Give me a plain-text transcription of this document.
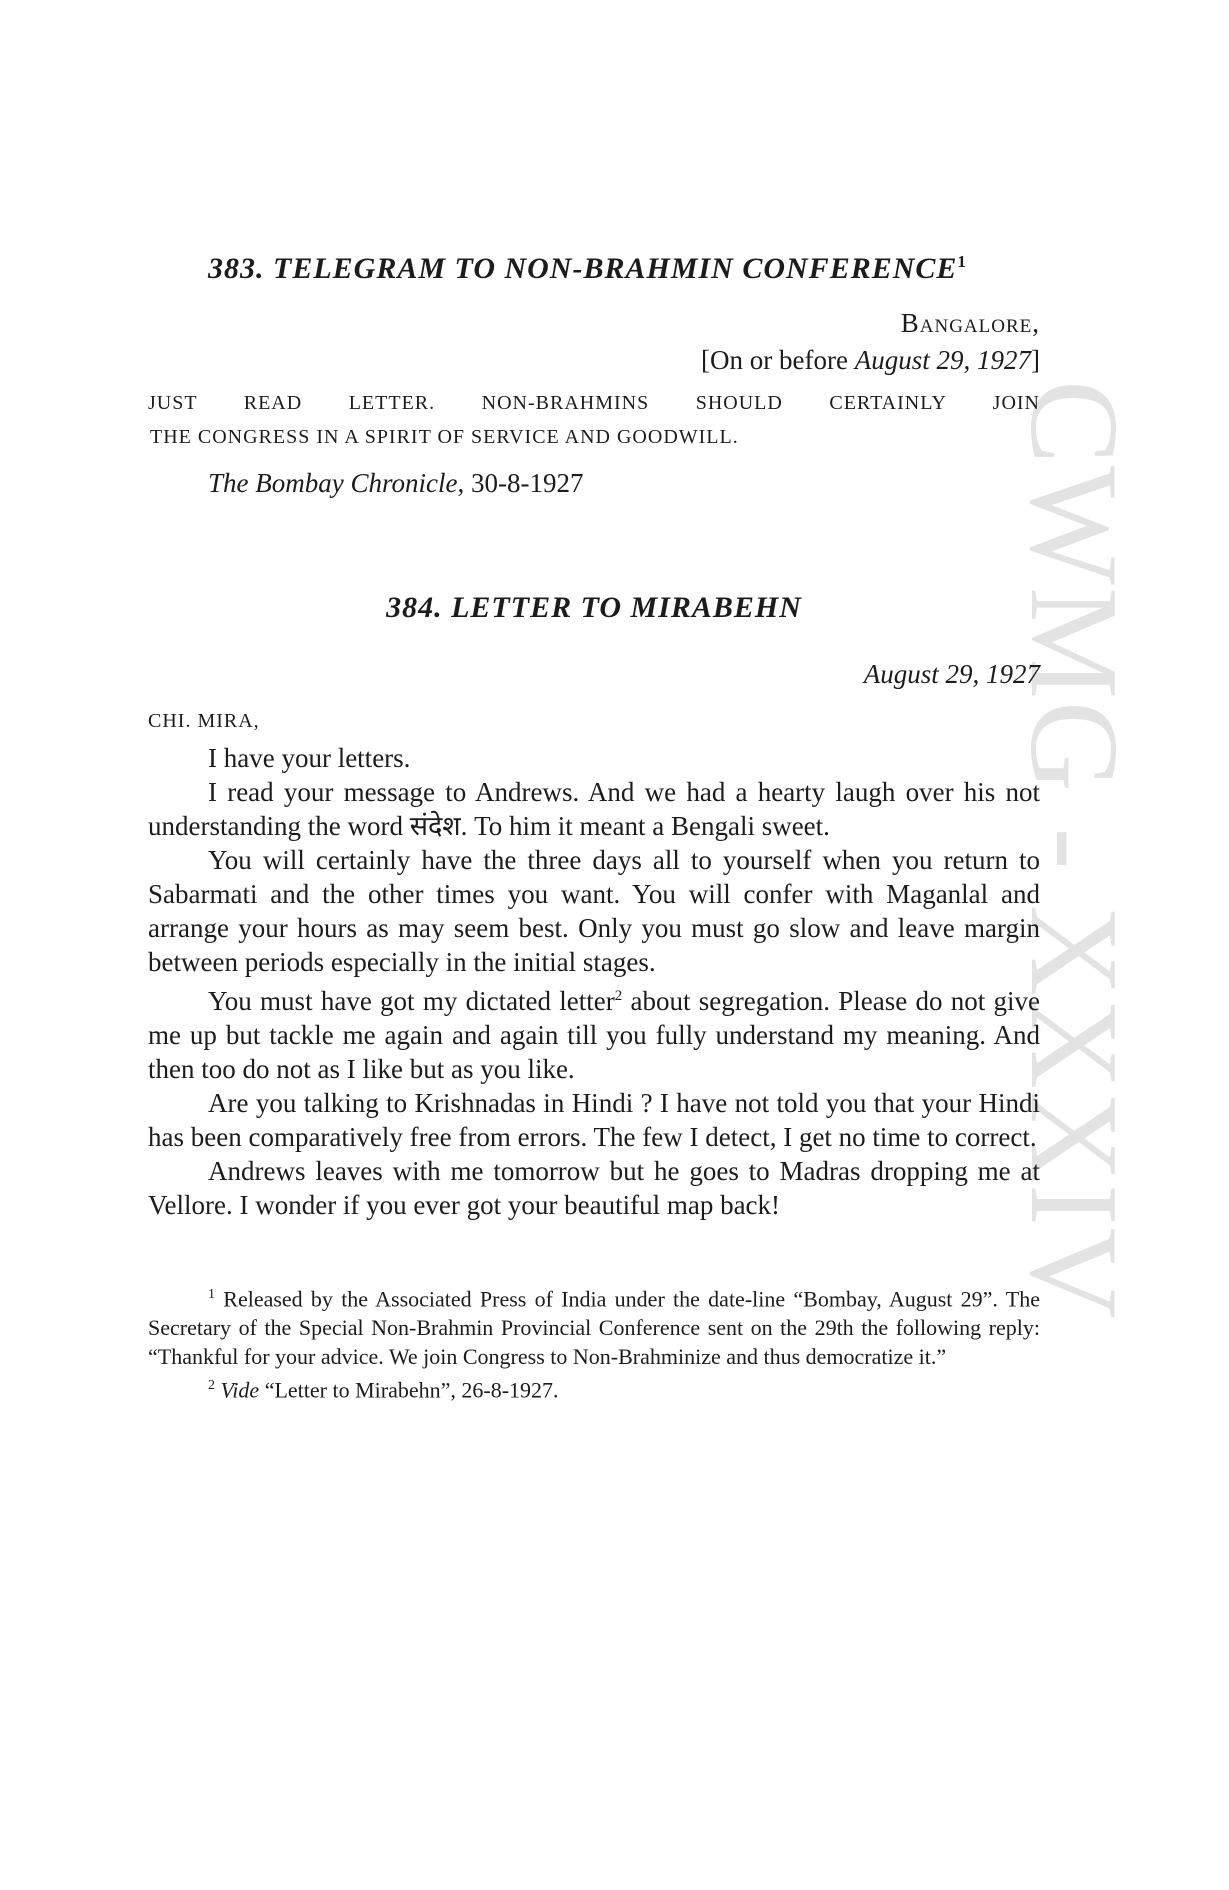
CWMG - XXXIV
383. TELEGRAM TO NON-BRAHMIN CONFERENCE$^1$
Bangalore,
[On or before August 29, 1927]
JUST READ LETTER. NON-BRAHMINS SHOULD CERTAINLY JOIN
THE CONGRESS IN A SPIRIT OF SERVICE AND GOODWILL.
The Bombay Chronicle, 30-8-1927
384. LETTER TO MIRABEHN
August 29, 1927
CHI. MIRA,

I have your letters.

I read your message to Andrews. And we had a hearty laugh over his not understanding the word संदेश. To him it meant a Bengali sweet.

You will certainly have the three days all to yourself when you return to Sabarmati and the other times you want. You will confer with Maganlal and arrange your hours as may seem best. Only you must go slow and leave margin between periods especially in the initial stages.

You must have got my dictated letter$^2$ about segregation. Please do not give me up but tackle me again and again till you fully understand my meaning. And then too do not as I like but as you like.

Are you talking to Krishnadas in Hindi ? I have not told you that your Hindi has been comparatively free from errors. The few I detect, I get no time to correct.

Andrews leaves with me tomorrow but he goes to Madras dropping me at Vellore. I wonder if you ever got your beautiful map back!

$^1$ Released by the Associated Press of India under the date-line “Bombay, August 29”. The Secretary of the Special Non-Brahmin Provincial Conference sent on the 29th the following reply: “Thankful for your advice. We join Congress to Non-Brahminize and thus democratize it.”

$^2$ Vide “Letter to Mirabehn”, 26-8-1927.
